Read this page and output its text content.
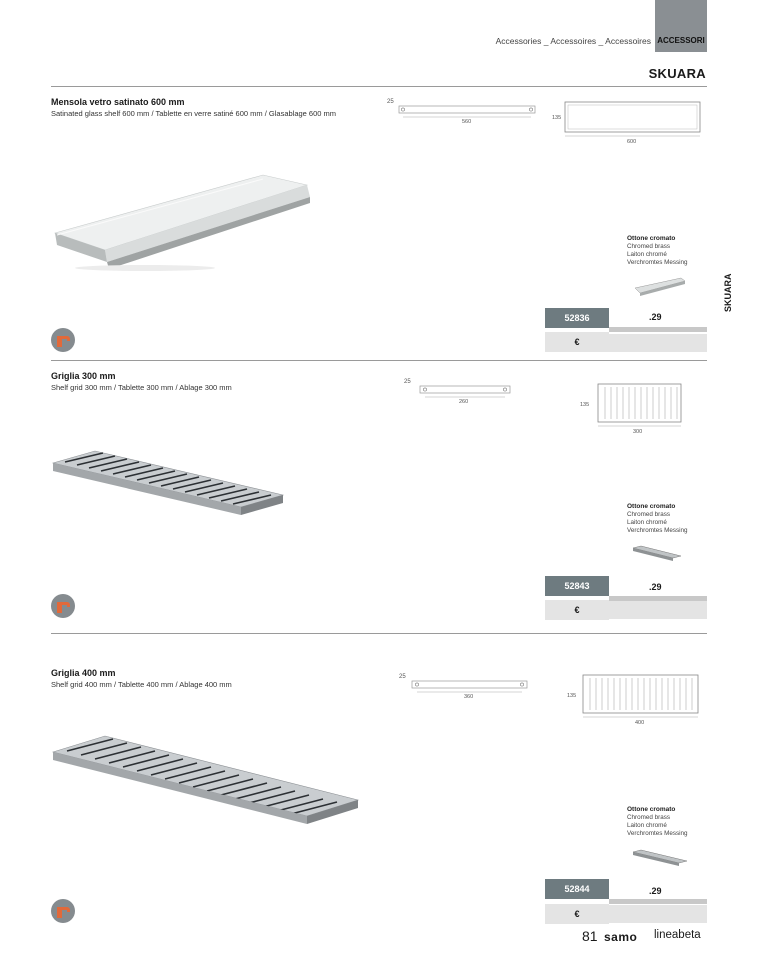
Accessories _ Accessoires _ Accessoires ACCESSORI
SKUARA
SKUARA
Mensola vetro satinato 600 mm
Satinated glass shelf 600 mm / Tablette en verre satiné 600 mm / Glasablage 600 mm
25
560
135
600
Ottone cromato
Chromed brass
Laiton chromé
Verchromtes Messing
52836	.29
€
Griglia 300 mm
Shelf grid 300 mm / Tablette 300 mm / Ablage 300 mm
25
260	135
300
Ottone cromato
Chromed brass
Laiton chromé
Verchromtes Messing
52843	.29
€
Griglia 400 mm
Shelf grid 400 mm / Tablette 400 mm / Ablage 400 mm
25
360	135
400
Ottone cromato
Chromed brass
Laiton chromé
Verchromtes Messing
52844	.29
€
81 samo lineabeta
